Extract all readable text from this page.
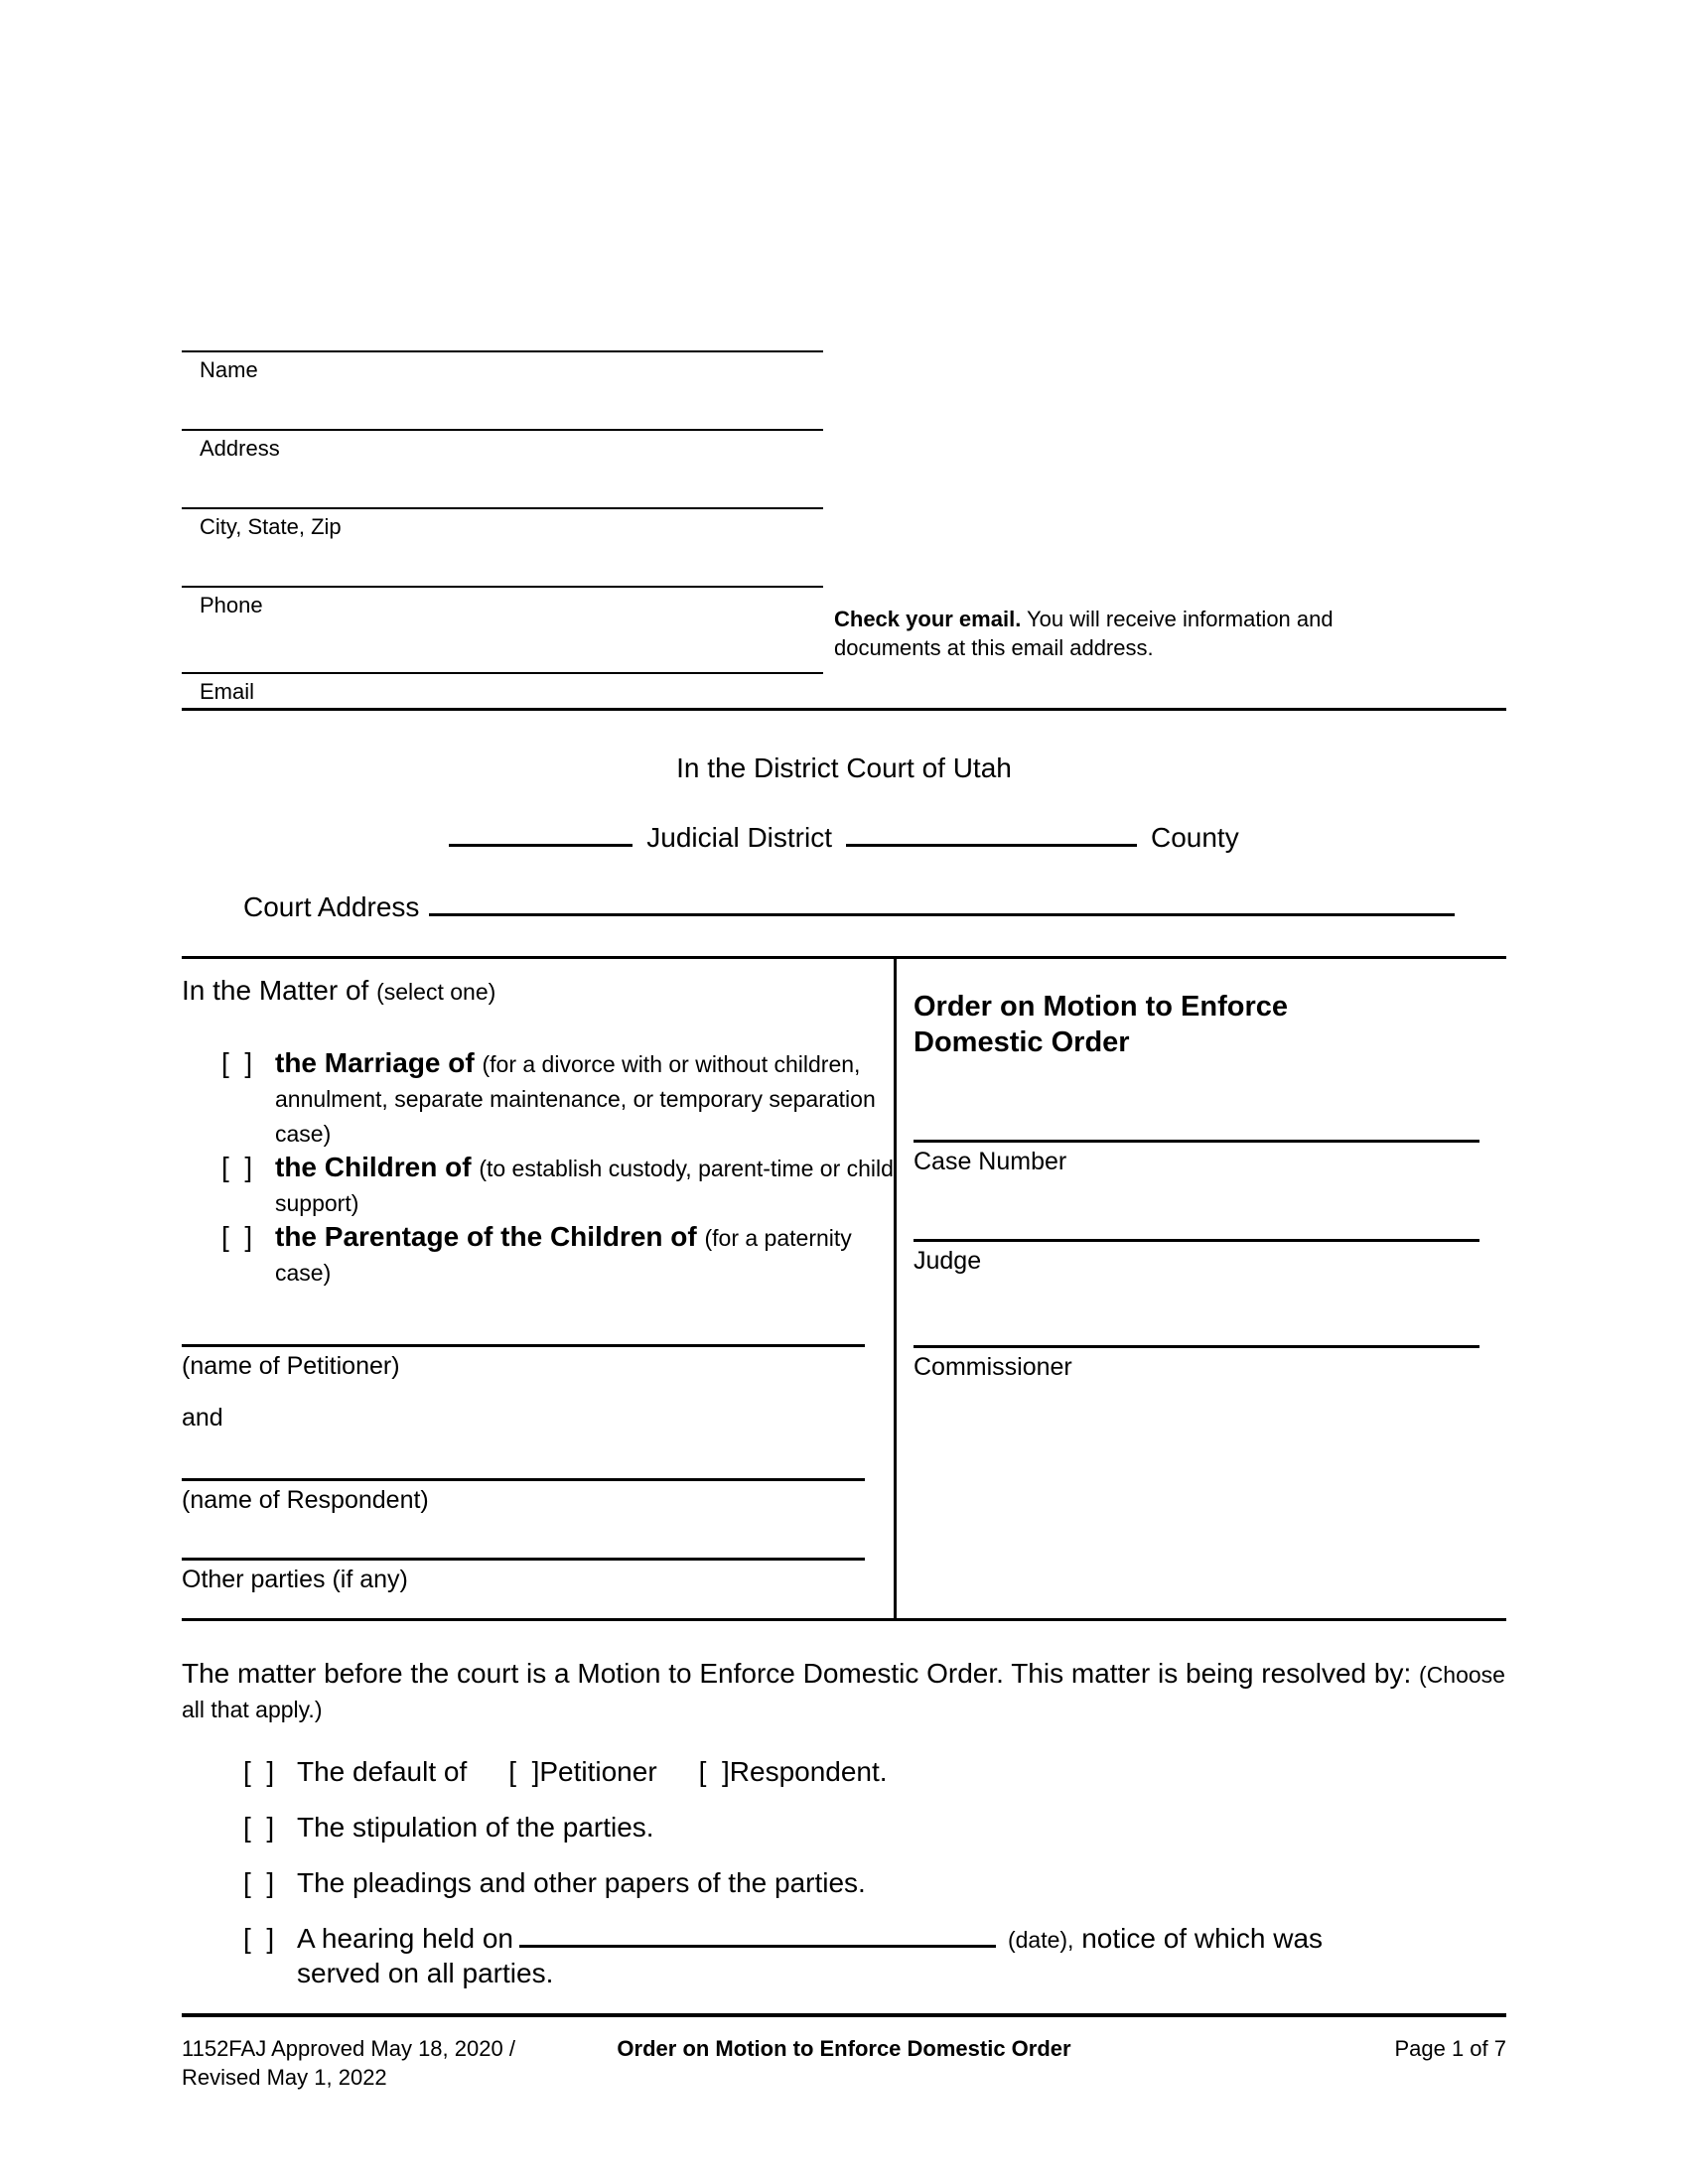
Name
Address
City, State, Zip
Phone
Email
Check your email. You will receive information and documents at this email address.
In the District Court of Utah
Judicial District	County
Court Address
In the Matter of (select one)
[  ] the Marriage of (for a divorce with or without children, annulment, separate maintenance, or temporary separation case)
[  ] the Children of (to establish custody, parent-time or child support)
[  ] the Parentage of the Children of (for a paternity case)
(name of Petitioner)
and
(name of Respondent)
Other parties (if any)
Order on Motion to Enforce Domestic Order
Case Number
Judge
Commissioner
The matter before the court is a Motion to Enforce Domestic Order. This matter is being resolved by: (Choose all that apply.)
[  ] The default of [  ]Petitioner [  ]Respondent.
[  ] The stipulation of the parties.
[  ] The pleadings and other papers of the parties.
[  ] A hearing held on	(date),
notice of which was
served on all parties.
1152FAJ Approved May 18, 2020 /
Revised May 1, 2022
Order on Motion to Enforce Domestic Order	Page 1 of 7
